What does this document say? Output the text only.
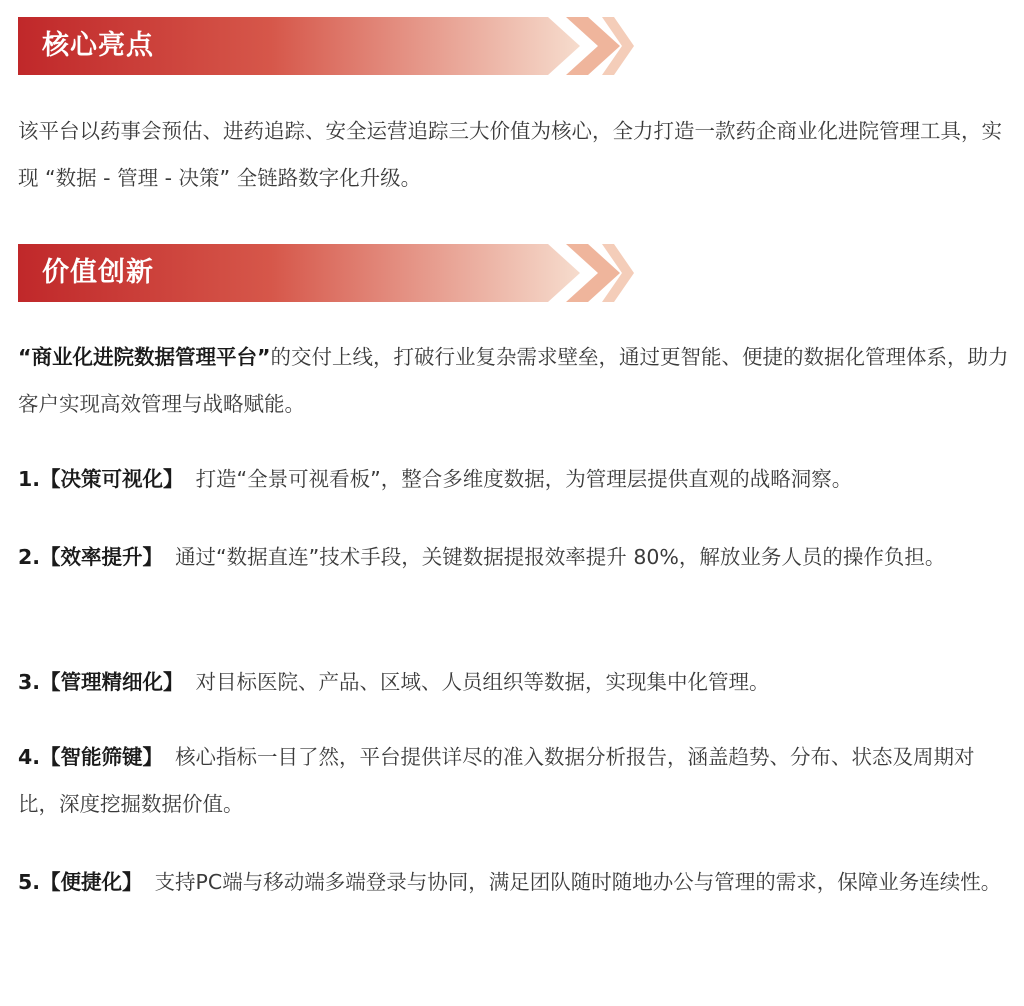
核心亮点

该平台以药事会预估、进药追踪、安全运营追踪三大价值为核心，全力打造一款药企商业化进院管理工具，实现 “数据 - 管理 - 决策” 全链路数字化升级。

价值创新

“商业化进院数据管理平台”的交付上线，打破行业复杂需求壁垒，通过更智能、便捷的数据化管理体系，助力客户实现高效管理与战略赋能。

1.【决策可视化】 打造“全景可视看板”，整合多维度数据，为管理层提供直观的战略洞察。

2.【效率提升】 通过“数据直连”技术手段，关键数据提报效率提升 80%，解放业务人员的操作负担。

3.【管理精细化】 对目标医院、产品、区域、人员组织等数据，实现集中化管理。

4.【智能筛键】 核心指标一目了然，平台提供详尽的准入数据分析报告，涵盖趋势、分布、状态及周期对比，深度挖掘数据价值。

5.【便捷化】 支持PC端与移动端多端登录与协同，满足团队随时随地办公与管理的需求，保障业务连续性。
